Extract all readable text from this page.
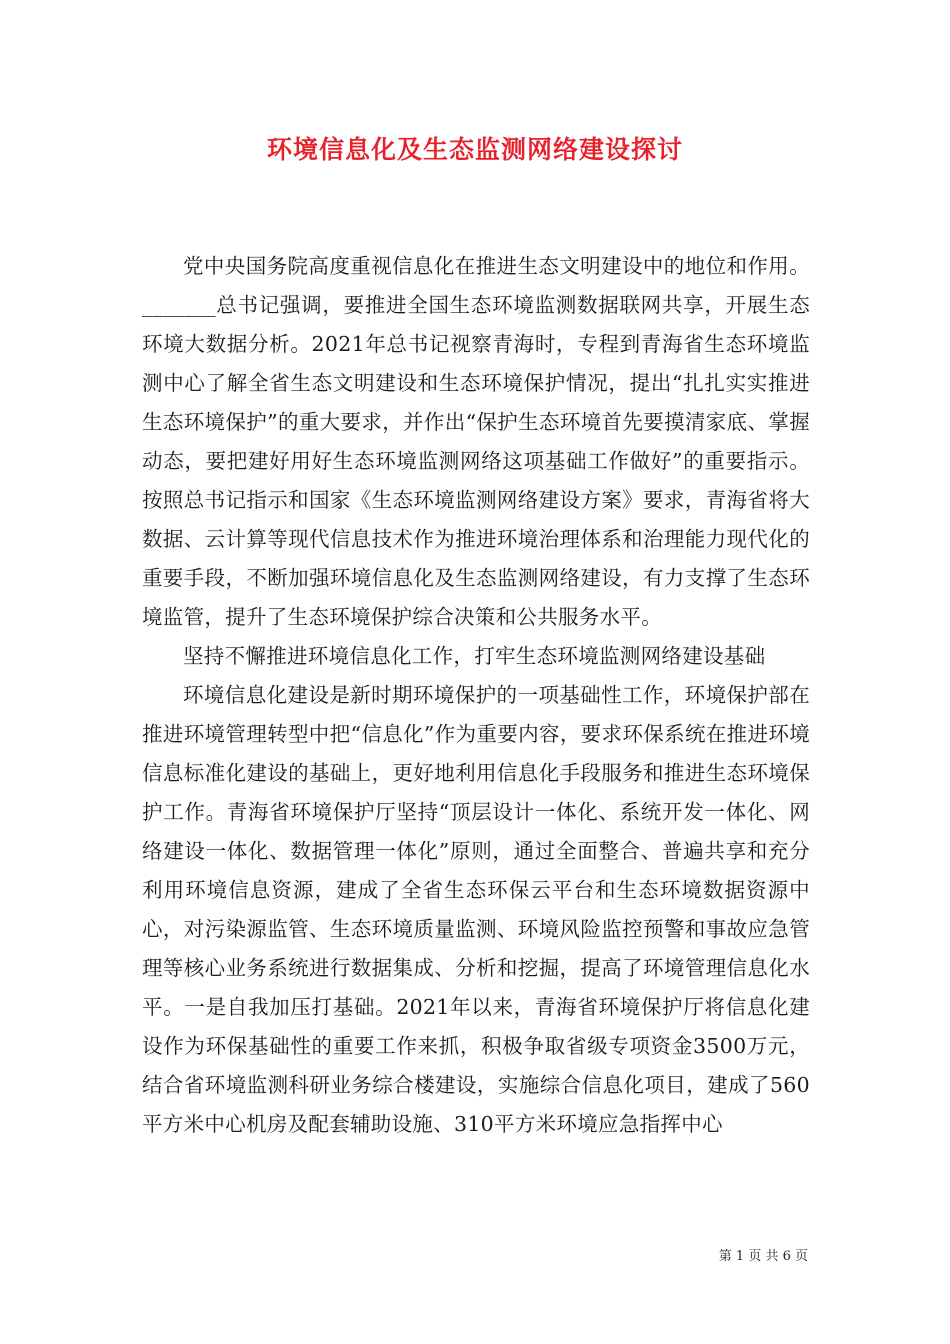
环境信息化及生态监测网络建设探讨

党中央国务院高度重视信息化在推进生态文明建设中的地位和作用。_______总书记强调，要推进全国生态环境监测数据联网共享，开展生态环境大数据分析。2021年总书记视察青海时，专程到青海省生态环境监测中心了解全省生态文明建设和生态环境保护情况，提出“扎扎实实推进生态环境保护”的重大要求，并作出“保护生态环境首先要摸清家底、掌握动态，要把建好用好生态环境监测网络这项基础工作做好”的重要指示。按照总书记指示和国家《生态环境监测网络建设方案》要求，青海省将大数据、云计算等现代信息技术作为推进环境治理体系和治理能力现代化的重要手段，不断加强环境信息化及生态监测网络建设，有力支撑了生态环境监管，提升了生态环境保护综合决策和公共服务水平。

坚持不懈推进环境信息化工作，打牢生态环境监测网络建设基础

环境信息化建设是新时期环境保护的一项基础性工作，环境保护部在推进环境管理转型中把“信息化”作为重要内容，要求环保系统在推进环境信息标准化建设的基础上，更好地利用信息化手段服务和推进生态环境保护工作。青海省环境保护厅坚持“顶层设计一体化、系统开发一体化、网络建设一体化、数据管理一体化”原则，通过全面整合、普遍共享和充分利用环境信息资源，建成了全省生态环保云平台和生态环境数据资源中心，对污染源监管、生态环境质量监测、环境风险监控预警和事故应急管理等核心业务系统进行数据集成、分析和挖掘，提高了环境管理信息化水平。一是自我加压打基础。2021年以来，青海省环境保护厅将信息化建设作为环保基础性的重要工作来抓，积极争取省级专项资金3500万元，结合省环境监测科研业务综合楼建设，实施综合信息化项目，建成了560平方米中心机房及配套辅助设施、310平方米环境应急指挥中心

第 1 页 共 6 页
